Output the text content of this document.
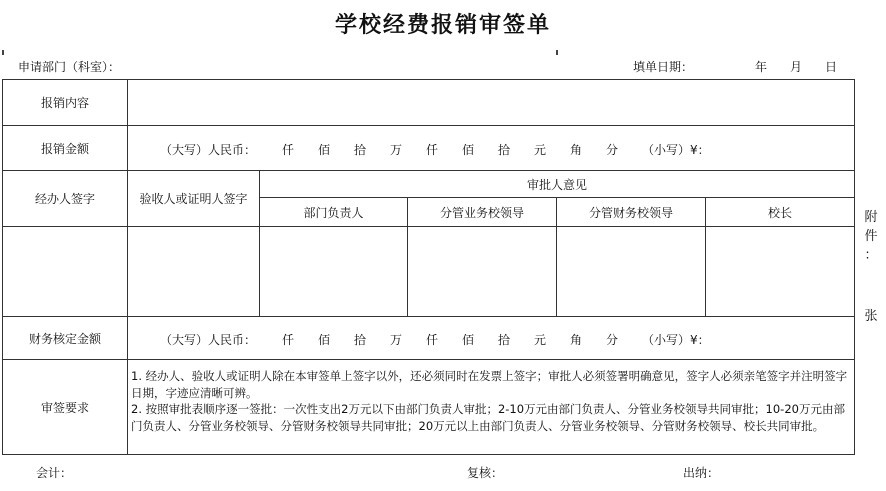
学校经费报销审签单
申请部门（科室）：	填单日期：	年 月 日
报销内容
报销金额	（大写）人民币：	仟	佰	拾	万	仟	佰	拾	元	角	分	（小写）¥：
经办人签字	验收人或证明人签字
审批人意见
部门负责人	分管业务校领导	分管财务校领导	校长
财务核定金额	（大写）人民币：	仟	佰	拾	万	仟	佰	拾	元	角	分	（小写）¥：
审签要求

1. 经办人、验收人或证明人除在本审签单上签字以外，还必须同时在发票上签字；审批人必须签署明确意见，签字人必须亲笔签字并注明签字日期，字迹应清晰可辨。

2. 按照审批表顺序逐一签批：一次性支出2万元以下由部门负责人审批；2-10万元由部门负责人、分管业务校领导共同审批；10-20万元由部门负责人、分管业务校领导、分管财务校领导共同审批；20万元以上由部门负责人、分管业务校领导、分管财务校领导、校长共同审批。

附
件
：
张
会计：	复核：	出纳：
